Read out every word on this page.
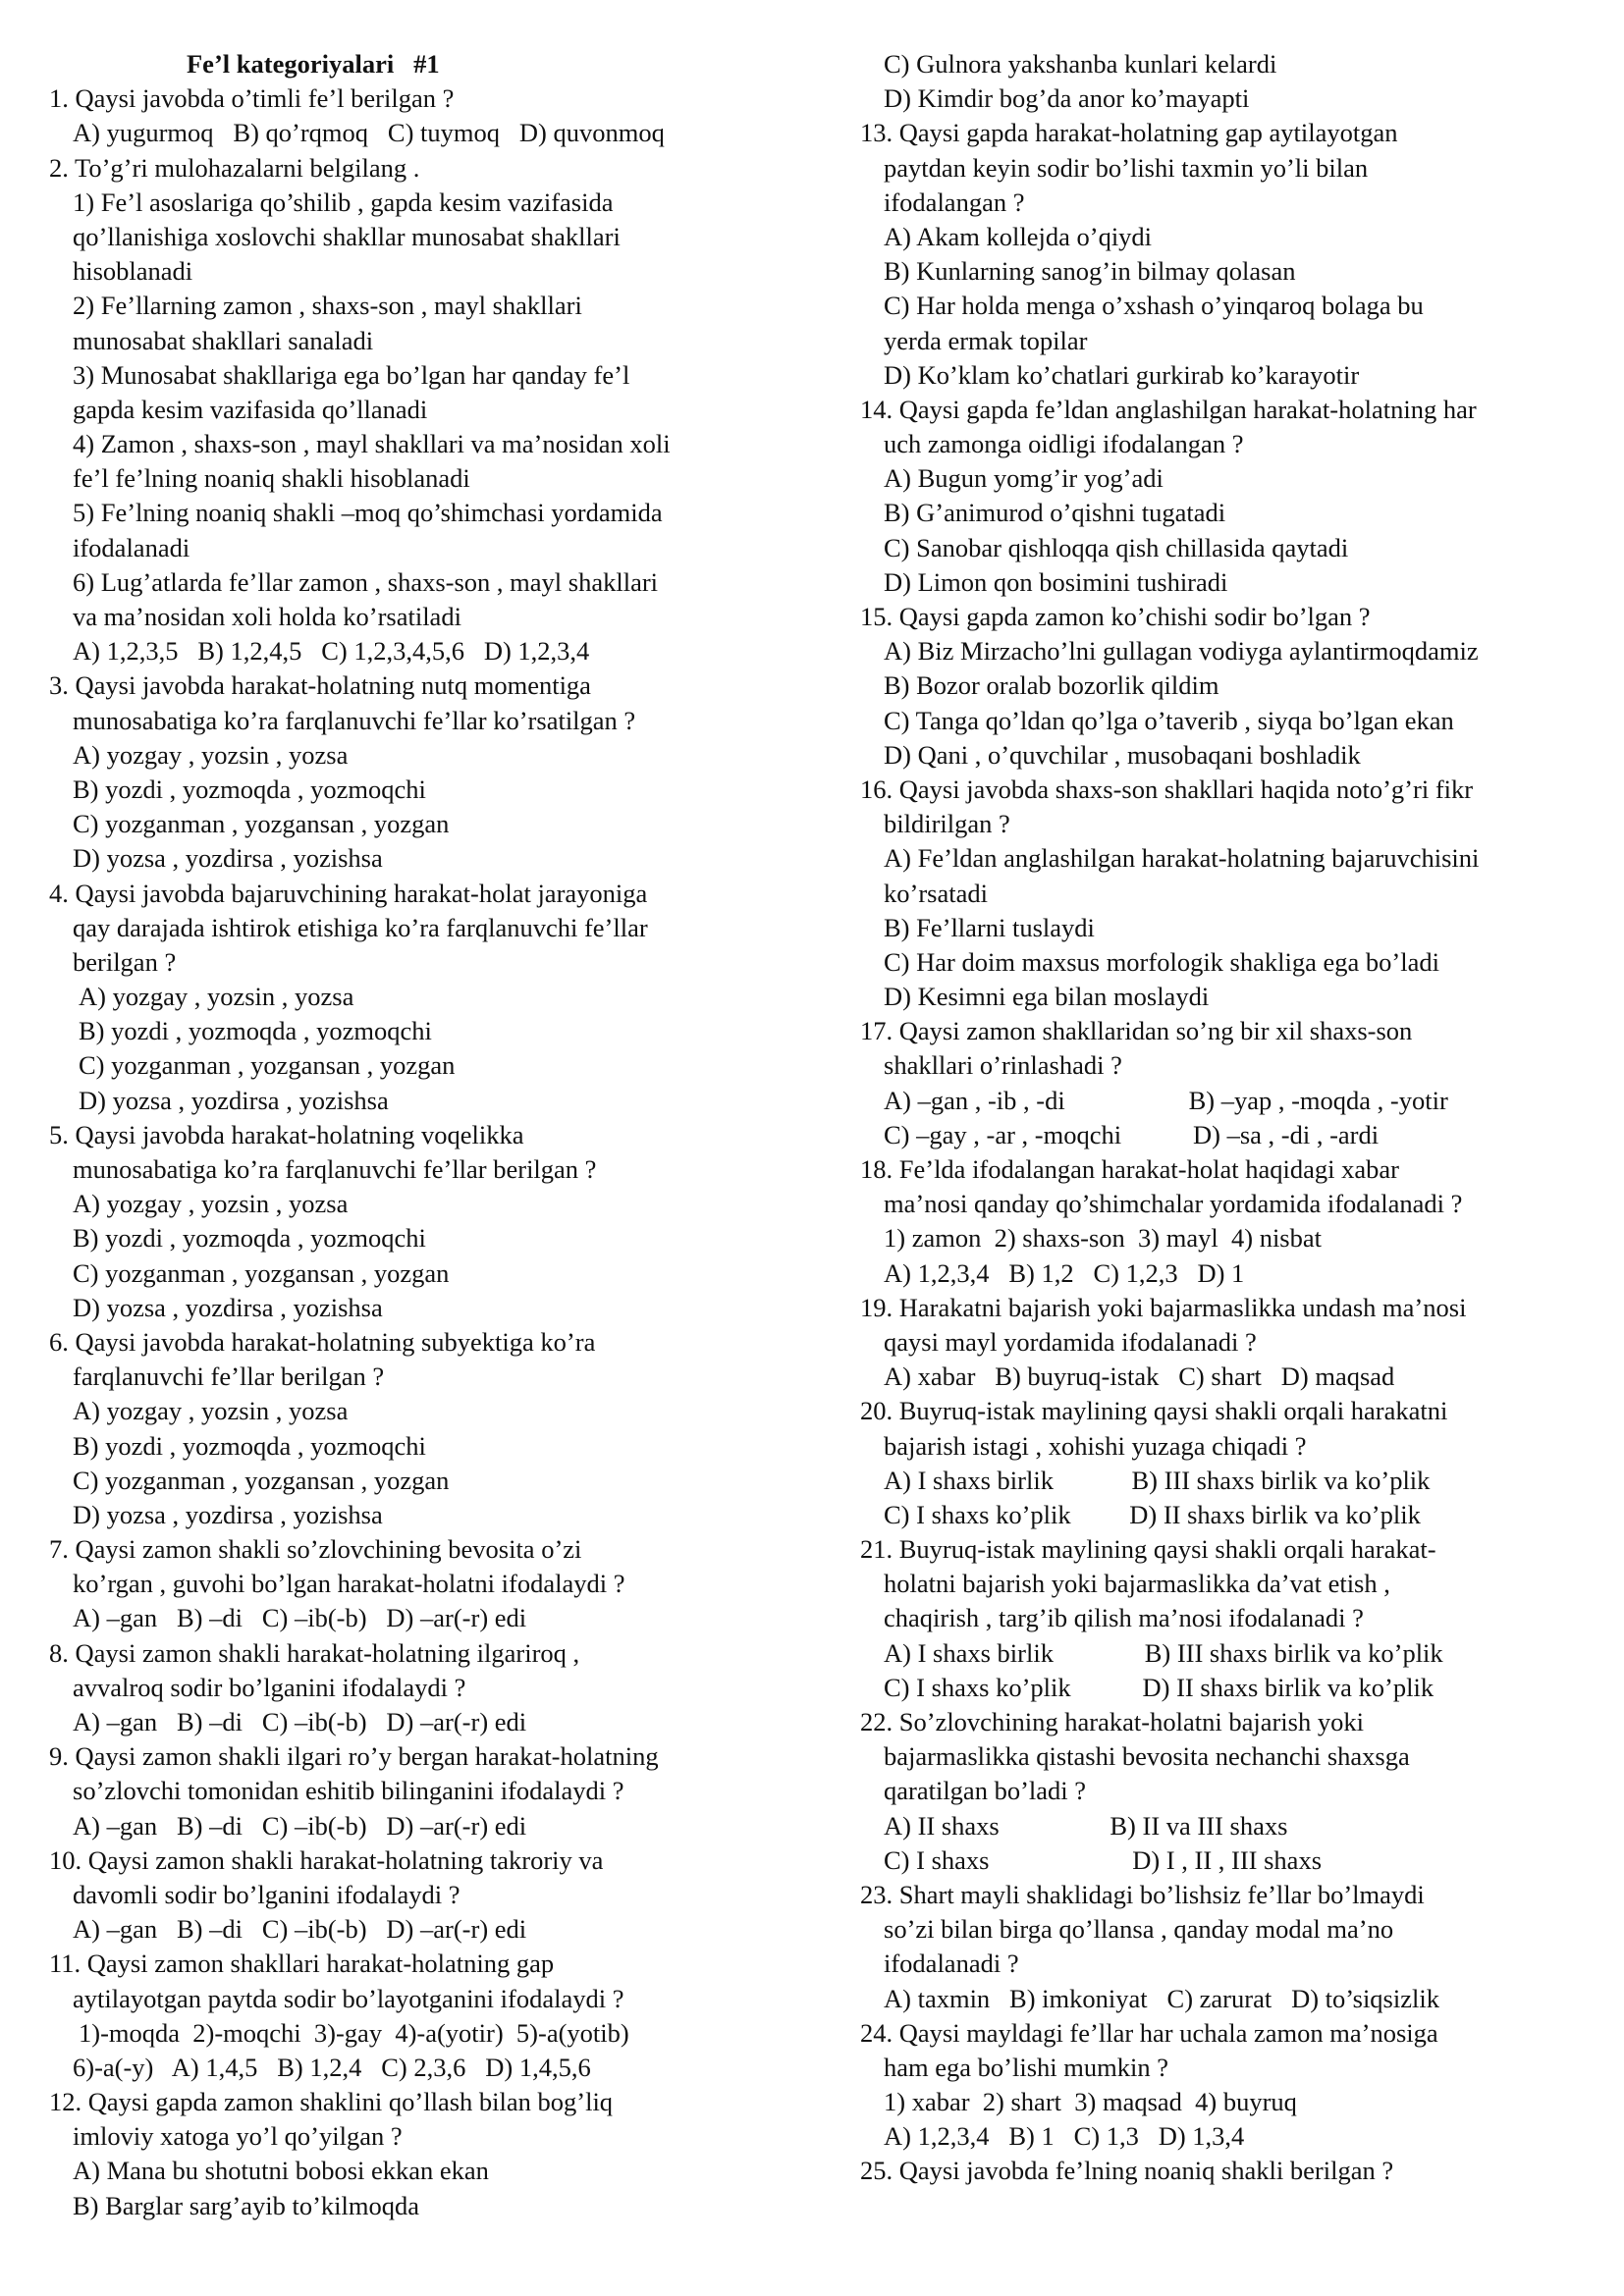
Fe’l kategoriyalari   #1
1. Qaysi javobda o’timli fe’l berilgan ?
A) yugurmoq   B) qo’rqmoq   C) tuymoq   D) quvonmoq
2. To’g’ri mulohazalarni belgilang .
1) Fe’l asoslariga qo’shilib , gapda kesim vazifasida
qo’llanishiga xoslovchi shakllar munosabat shakllari
hisoblanadi
2) Fe’llarning zamon , shaxs-son , mayl shakllari
munosabat shakllari sanaladi
3) Munosabat shakllariga ega bo’lgan har qanday fe’l
gapda kesim vazifasida qo’llanadi
4) Zamon , shaxs-son , mayl shakllari va ma’nosidan xoli
fe’l fe’lning noaniq shakli hisoblanadi
5) Fe’lning noaniq shakli –moq qo’shimchasi yordamida
ifodalanadi
6) Lug’atlarda fe’llar zamon , shaxs-son , mayl shakllari
va ma’nosidan xoli holda ko’rsatiladi
A) 1,2,3,5   B) 1,2,4,5   C) 1,2,3,4,5,6   D) 1,2,3,4
3. Qaysi javobda harakat-holatning nutq momentiga
munosabatiga ko’ra farqlanuvchi fe’llar ko’rsatilgan ?
A) yozgay , yozsin , yozsa
B) yozdi , yozmoqda , yozmoqchi
C) yozganman , yozgansan , yozgan
D) yozsa , yozdirsa , yozishsa
4. Qaysi javobda bajaruvchining harakat-holat jarayoniga
qay darajada ishtirok etishiga ko’ra farqlanuvchi fe’llar
berilgan ?
A) yozgay , yozsin , yozsa
B) yozdi , yozmoqda , yozmoqchi
C) yozganman , yozgansan , yozgan
D) yozsa , yozdirsa , yozishsa
5. Qaysi javobda harakat-holatning voqelikka
munosabatiga ko’ra farqlanuvchi fe’llar berilgan ?
A) yozgay , yozsin , yozsa
B) yozdi , yozmoqda , yozmoqchi
C) yozganman , yozgansan , yozgan
D) yozsa , yozdirsa , yozishsa
6. Qaysi javobda harakat-holatning subyektiga ko’ra
farqlanuvchi fe’llar berilgan ?
A) yozgay , yozsin , yozsa
B) yozdi , yozmoqda , yozmoqchi
C) yozganman , yozgansan , yozgan
D) yozsa , yozdirsa , yozishsa
7. Qaysi zamon shakli so’zlovchining bevosita o’zi
ko’rgan , guvohi bo’lgan harakat-holatni ifodalaydi ?
A) –gan   B) –di   C) –ib(-b)   D) –ar(-r) edi
8. Qaysi zamon shakli harakat-holatning ilgariroq ,
avvalroq sodir bo’lganini ifodalaydi ?
A) –gan   B) –di   C) –ib(-b)   D) –ar(-r) edi
9. Qaysi zamon shakli ilgari ro’y bergan harakat-holatning
so’zlovchi tomonidan eshitib bilinganini ifodalaydi ?
A) –gan   B) –di   C) –ib(-b)   D) –ar(-r) edi
10. Qaysi zamon shakli harakat-holatning takroriy va
davomli sodir bo’lganini ifodalaydi ?
A) –gan   B) –di   C) –ib(-b)   D) –ar(-r) edi
11. Qaysi zamon shakllari harakat-holatning gap
aytilayotgan paytda sodir bo’layotganini ifodalaydi ?
1)-moqda  2)-moqchi  3)-gay  4)-a(yotir)  5)-a(yotib)
6)-a(-y)   A) 1,4,5   B) 1,2,4   C) 2,3,6   D) 1,4,5,6
12. Qaysi gapda zamon shaklini qo’llash bilan bog’liq
imloviy xatoga yo’l qo’yilgan ?
A) Mana bu shotutni bobosi ekkan ekan
B) Barglar sarg’ayib to’kilmoqda
C) Gulnora yakshanba kunlari kelardi
D) Kimdir bog’da anor ko’mayapti
13. Qaysi gapda harakat-holatning gap aytilayotgan
paytdan keyin sodir bo’lishi taxmin yo’li bilan
ifodalangan ?
A) Akam kollejda o’qiydi
B) Kunlarning sanog’in bilmay qolasan
C) Har holda menga o’xshash o’yinqaroq bolaga bu
yerda ermak topilar
D) Ko’klam ko’chatlari gurkirab ko’karayotir
14. Qaysi gapda fe’ldan anglashilgan harakat-holatning har
uch zamonga oidligi ifodalangan ?
A) Bugun yomg’ir yog’adi
B) G’animurod o’qishni tugatadi
C) Sanobar qishloqqa qish chillasida qaytadi
D) Limon qon bosimini tushiradi
15. Qaysi gapda zamon ko’chishi sodir bo’lgan ?
A) Biz Mirzacho’lni gullagan vodiyga aylantirmoqdamiz
B) Bozor oralab bozorlik qildim
C) Tanga qo’ldan qo’lga o’taverib , siyqa bo’lgan ekan
D) Qani , o’quvchilar , musobaqani boshladik
16. Qaysi javobda shaxs-son shakllari haqida noto’g’ri fikr
bildirilgan ?
A) Fe’ldan anglashilgan harakat-holatning bajaruvchisini
ko’rsatadi
B) Fe’llarni tuslaydi
C) Har doim maxsus morfologik shakliga ega bo’ladi
D) Kesimni ega bilan moslaydi
17. Qaysi zamon shakllaridan so’ng bir xil shaxs-son
shakllari o’rinlashadi ?
A) –gan , -ib , -di                   B) –yap , -moqda , -yotir
C) –gay , -ar , -moqchi           D) –sa , -di , -ardi
18. Fe’lda ifodalangan harakat-holat haqidagi xabar
ma’nosi qanday qo’shimchalar yordamida ifodalanadi ?
1) zamon  2) shaxs-son  3) mayl  4) nisbat
A) 1,2,3,4   B) 1,2   C) 1,2,3   D) 1
19. Harakatni bajarish yoki bajarmaslikka undash ma’nosi
qaysi mayl yordamida ifodalanadi ?
A) xabar   B) buyruq-istak   C) shart   D) maqsad
20. Buyruq-istak maylining qaysi shakli orqali harakatni
bajarish istagi , xohishi yuzaga chiqadi ?
A) I shaxs birlik            B) III shaxs birlik va ko’plik
C) I shaxs ko’plik         D) II shaxs birlik va ko’plik
21. Buyruq-istak maylining qaysi shakli orqali harakat-
holatni bajarish yoki bajarmaslikka da’vat etish ,
chaqirish , targ’ib qilish ma’nosi ifodalanadi ?
A) I shaxs birlik              B) III shaxs birlik va ko’plik
C) I shaxs ko’plik           D) II shaxs birlik va ko’plik
22. So’zlovchining harakat-holatni bajarish yoki
bajarmaslikka qistashi bevosita nechanchi shaxsga
qaratilgan bo’ladi ?
A) II shaxs                 B) II va III shaxs
C) I shaxs                      D) I , II , III shaxs
23. Shart mayli shaklidagi bo’lishsiz fe’llar bo’lmaydi
so’zi bilan birga qo’llansa , qanday modal ma’no
ifodalanadi ?
A) taxmin   B) imkoniyat   C) zarurat   D) to’siqsizlik
24. Qaysi mayldagi fe’llar har uchala zamon ma’nosiga
ham ega bo’lishi mumkin ?
1) xabar  2) shart  3) maqsad  4) buyruq
A) 1,2,3,4   B) 1   C) 1,3   D) 1,3,4
25. Qaysi javobda fe’lning noaniq shakli berilgan ?
